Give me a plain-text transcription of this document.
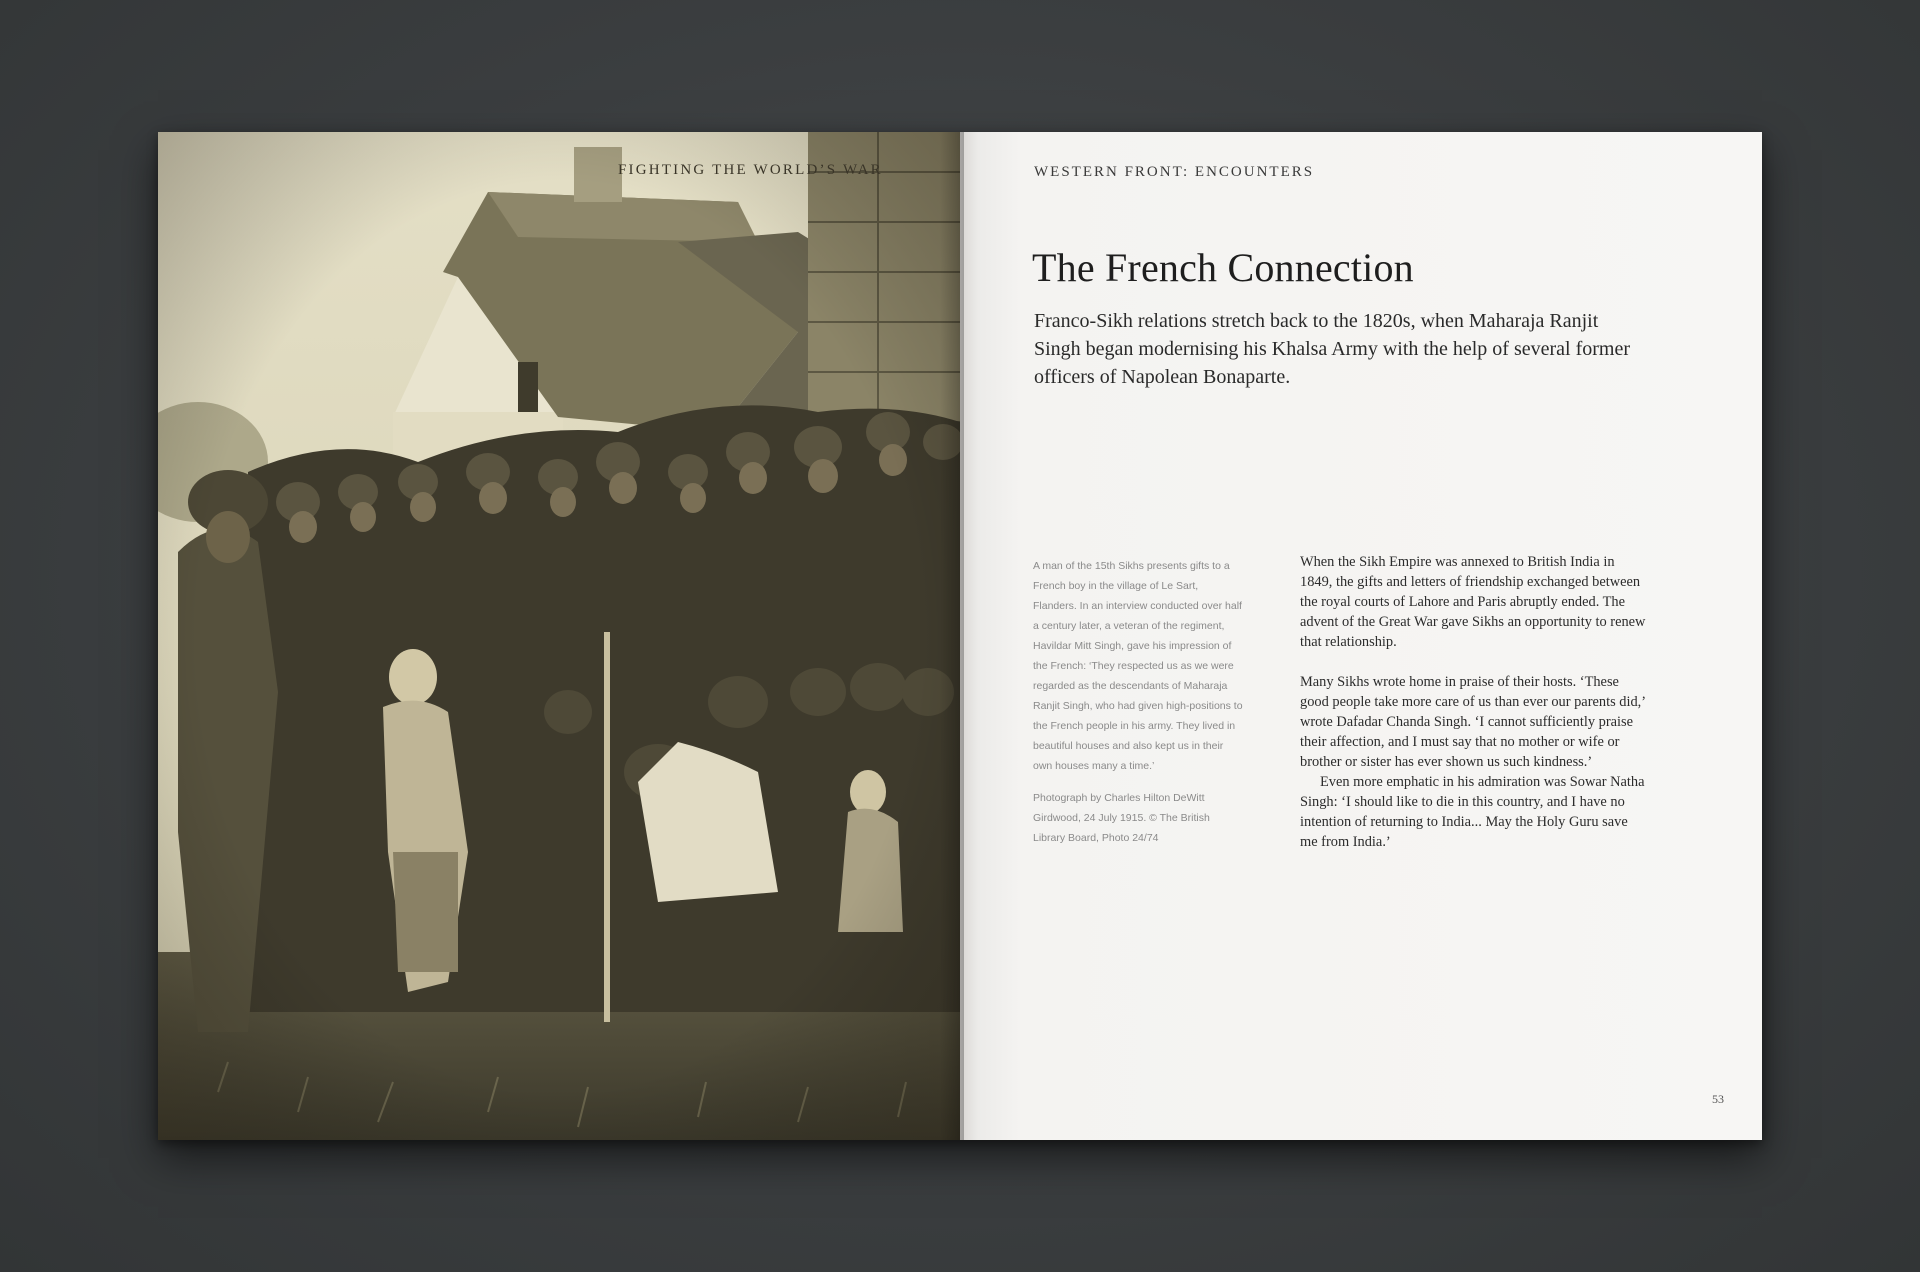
FIGHTING THE WORLD’S WAR	WESTERN FRONT: ENCOUNTERS
The French Connection
Franco-Sikh relations stretch back to the 1820s, when Maharaja Ranjit Singh began modernising his Khalsa Army with the help of several former officers of Napolean Bonaparte.

A man of the 15th Sikhs presents gifts to a French boy in the village of Le Sart, Flanders. In an interview conducted over half a century later, a veteran of the regiment, Havildar Mitt Singh, gave his impression of the French: ‘They respected us as we were regarded as the descendants of Maharaja Ranjit Singh, who had given high-positions to the French people in his army. They lived in beautiful houses and also kept us in their own houses many a time.’

Photograph by Charles Hilton DeWitt Girdwood, 24 July 1915. © The British Library Board, Photo 24/74

When the Sikh Empire was annexed to British India in 1849, the gifts and letters of friendship exchanged between the royal courts of Lahore and Paris abruptly ended. The advent of the Great War gave Sikhs an opportunity to renew that relationship.

Many Sikhs wrote home in praise of their hosts. ‘These good people take more care of us than ever our parents did,’ wrote Dafadar Chanda Singh. ‘I cannot sufficiently praise their affection, and I must say that no mother or wife or brother or sister has ever shown us such kindness.’

Even more emphatic in his admiration was Sowar Natha Singh: ‘I should like to die in this country, and I have no intention of returning to India... May the Holy Guru save me from India.’

53
